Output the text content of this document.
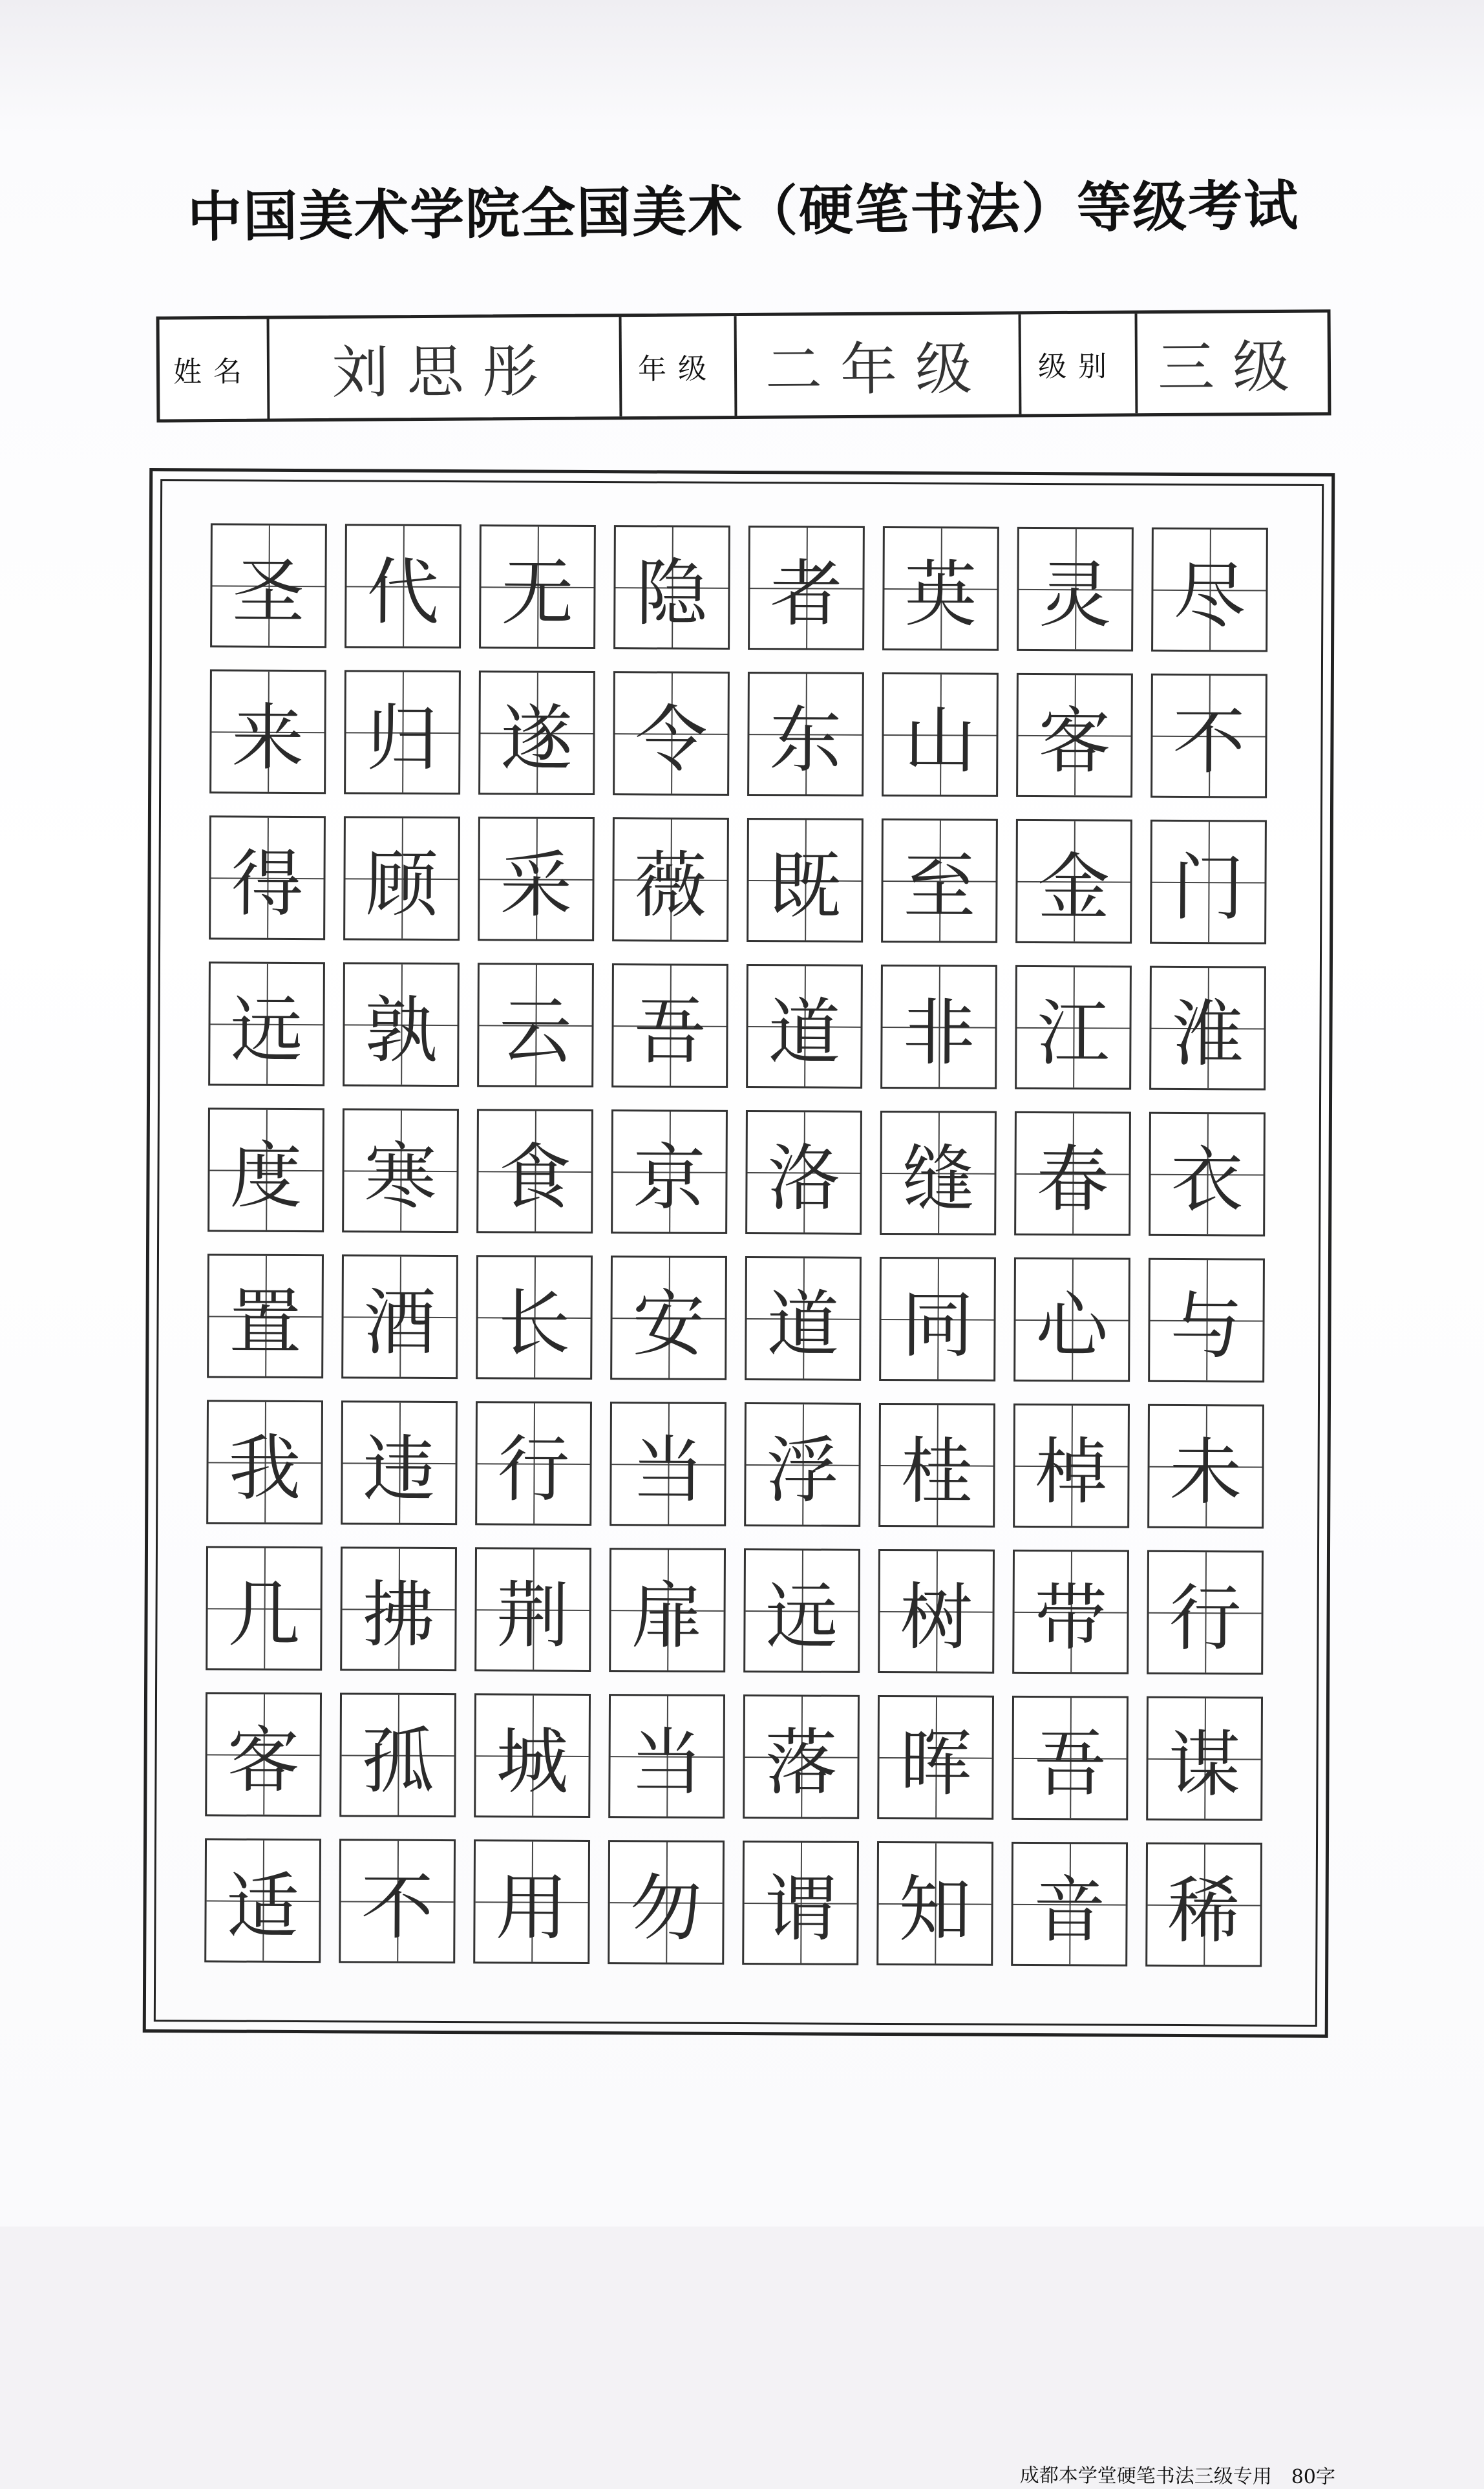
中国美术学院全国美术（硬笔书法）等级考试
姓名 刘思彤	年级 二年级 级别 三级
圣 代 无 隐 者 英 灵 尽
来 归 遂 令 东 山 客 不
得 顾 采 薇 既 至 金 门
远 孰 云 吾 道 非 江 淮
度 寒 食 京 洛 缝 春 衣
置 酒 长 安 道 同 心 与
我 违 行 当 浮 桂 棹 未
几 拂 荆 扉 远 树 带 行
客 孤 城 当 落 晖 吾 谋
适 不 用 勿 谓 知 音 稀
成都本学堂硬笔书法三级专用 80字
